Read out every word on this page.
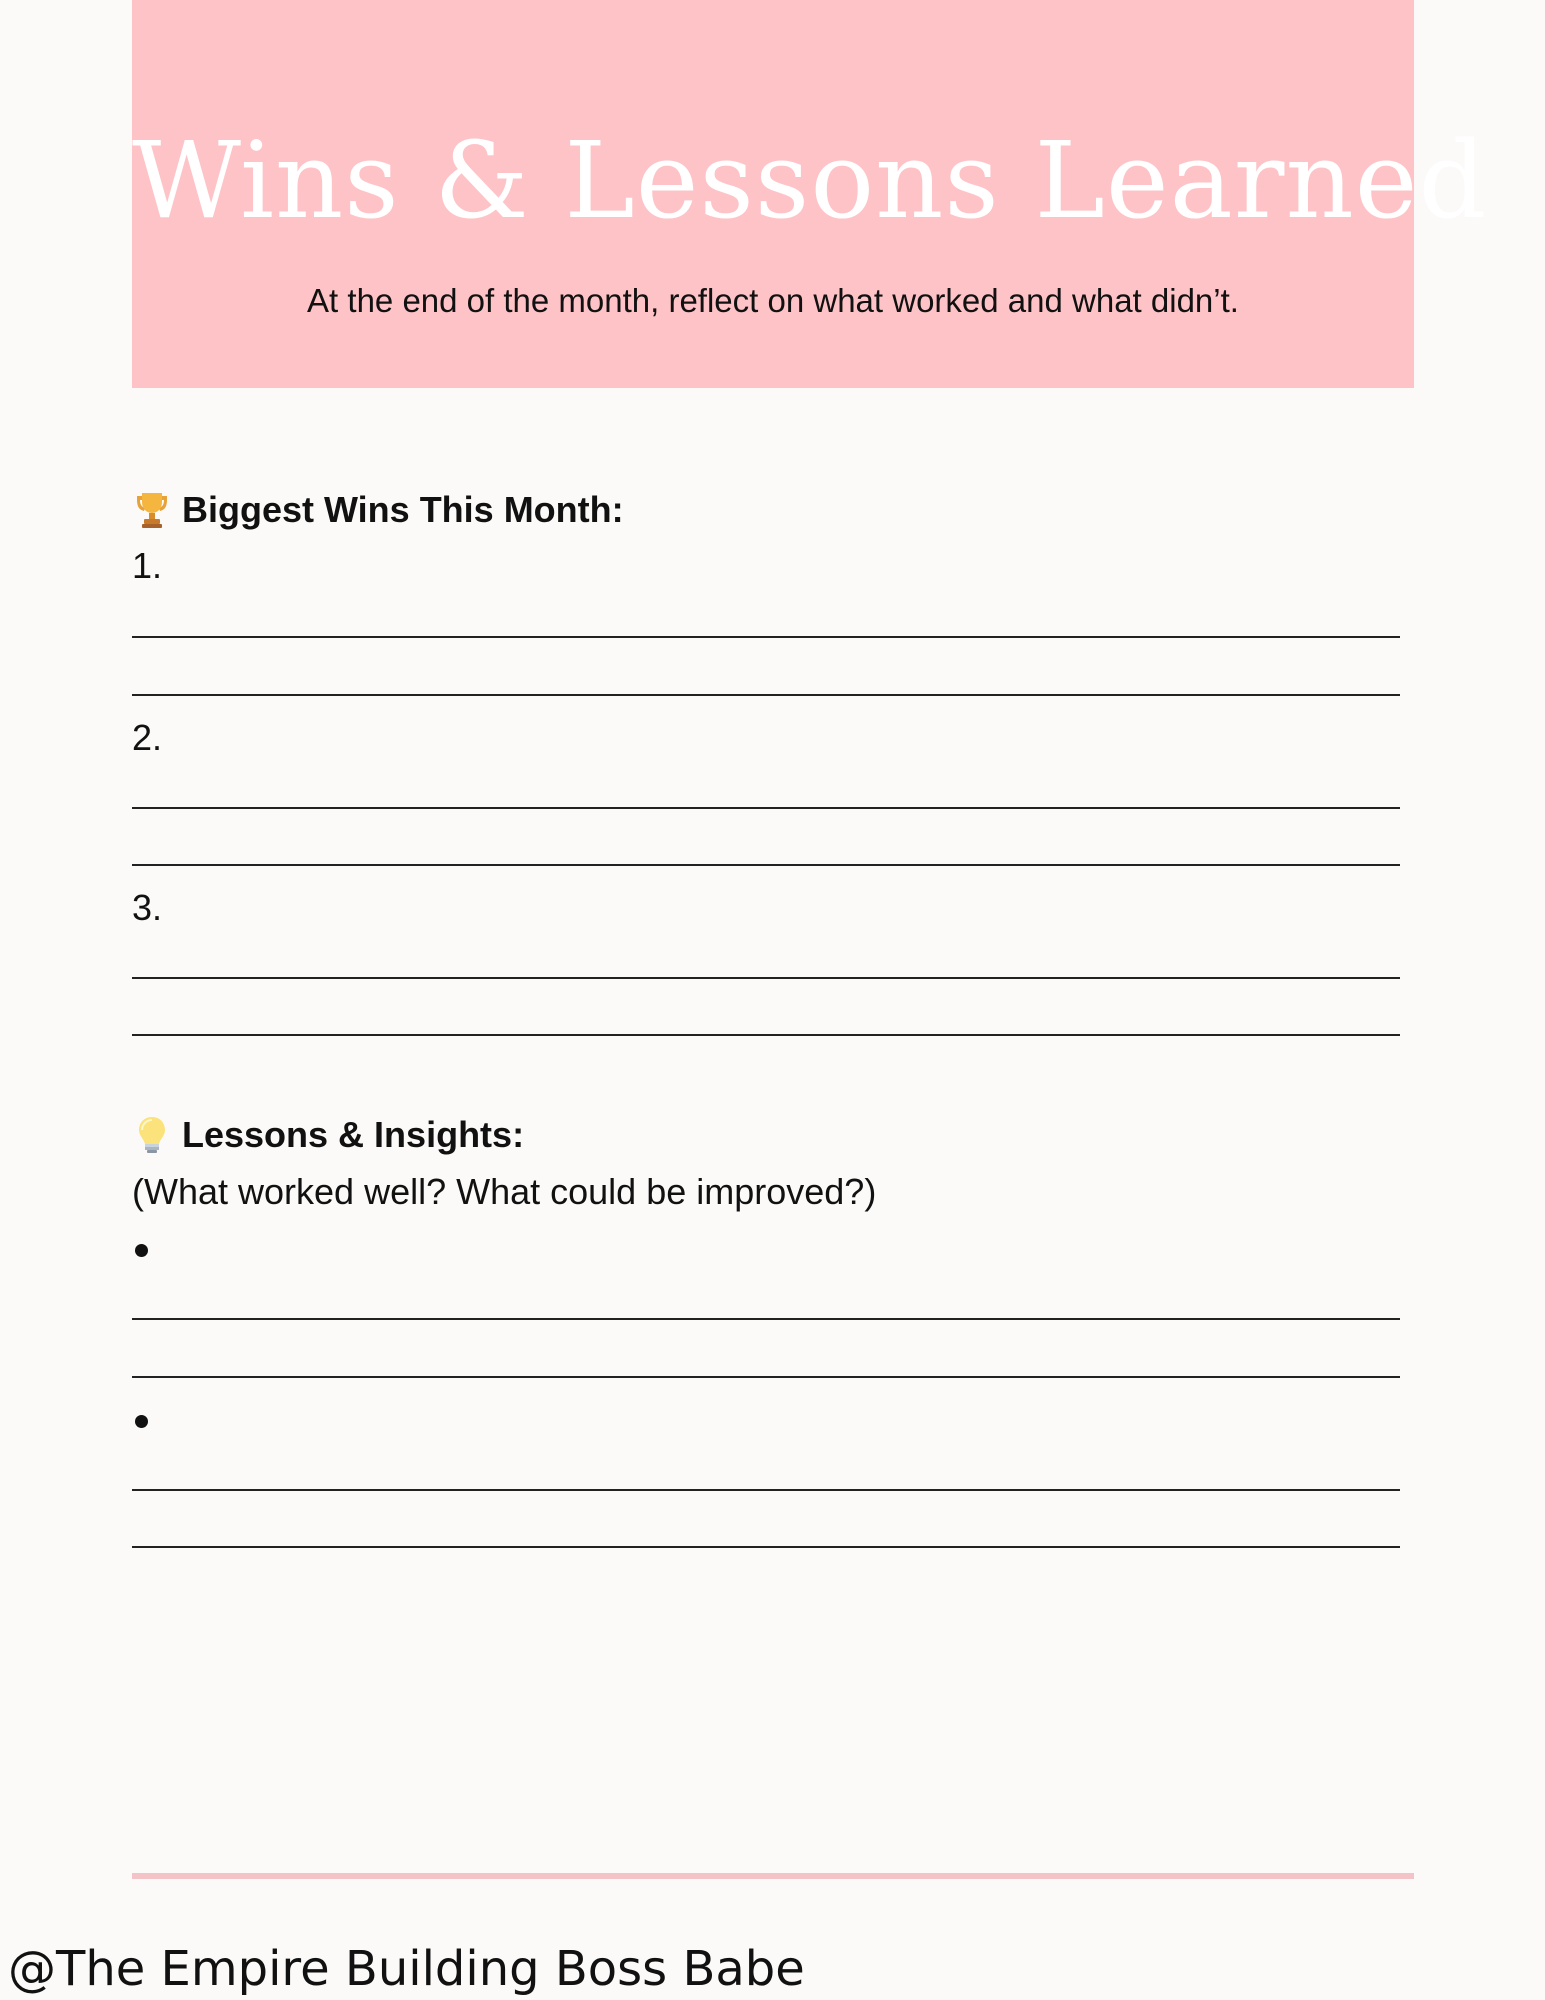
Wins & Lessons Learned
At the end of the month, reflect on what worked and what didn’t.
Biggest Wins This Month:
1.
2.
3.
Lessons & Insights:
(What worked well? What could be improved?)
@The Empire Building Boss Babe
